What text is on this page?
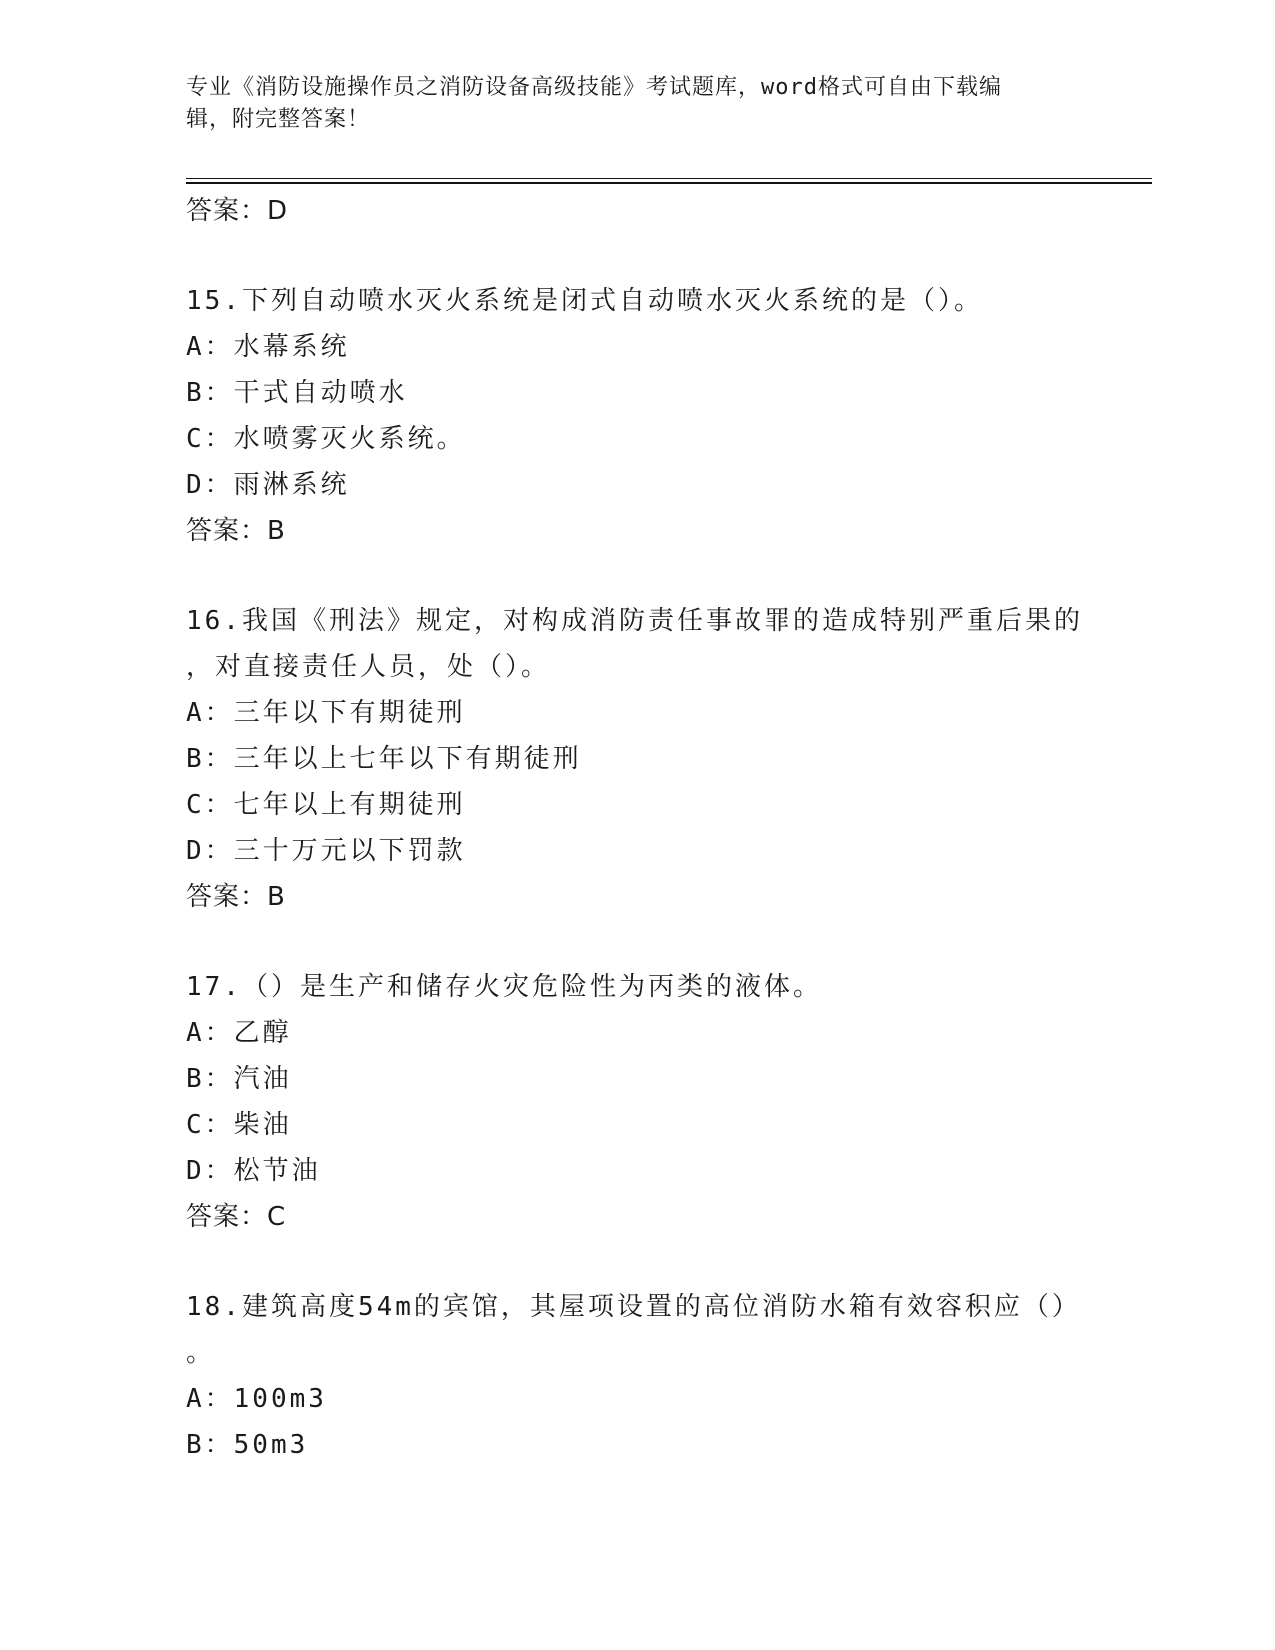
专业《消防设施操作员之消防设备高级技能》考试题库，word格式可自由下载编
辑，附完整答案！
答案：D
15.下列自动喷水灭火系统是闭式自动喷水灭火系统的是（）。
A：水幕系统
B：干式自动喷水
C：水喷雾灭火系统。
D：雨淋系统
答案：B
16.我国《刑法》规定，对构成消防责任事故罪的造成特别严重后果的
，对直接责任人员，处（）。
A：三年以下有期徒刑
B：三年以上七年以下有期徒刑
C：七年以上有期徒刑
D：三十万元以下罚款
答案：B
17.（）是生产和储存火灾危险性为丙类的液体。
A：乙醇
B：汽油
C：柴油
D：松节油
答案：C
18.建筑高度54m的宾馆，其屋项设置的高位消防水箱有效容积应（）
。
A：100m3
B：50m3
